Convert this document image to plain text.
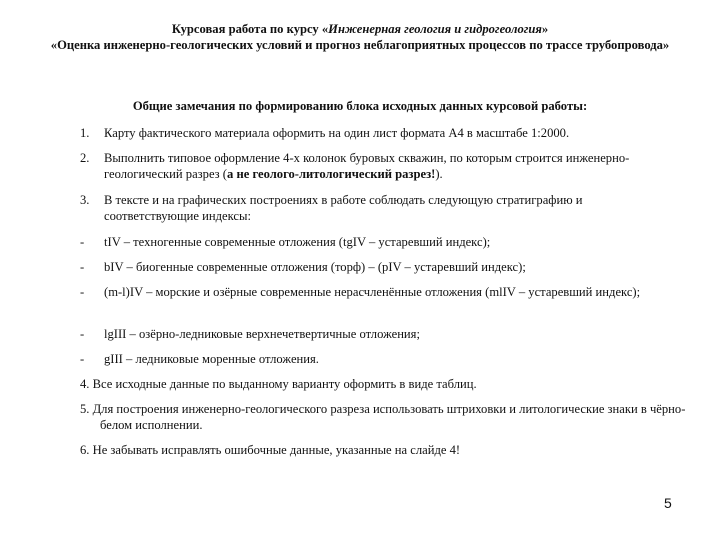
Курсовая работа по курсу «Инженерная геология и гидрогеология»
«Оценка инженерно-геологических условий и прогноз неблагоприятных процессов по трассе трубопровода»
Общие замечания по формированию блока исходных данных курсовой работы:
1. Карту фактического материала оформить на один лист формата А4 в масштабе 1:2000.
2. Выполнить типовое оформление 4-х колонок буровых скважин, по которым строится инженерно-геологический разрез (а не геолого-литологический разрез!).
3. В тексте и на графических построениях в работе соблюдать следующую стратиграфию и соответствующие индексы:
- tIV – техногенные современные отложения (tgIV – устаревший индекс);
- bIV – биогенные современные отложения (торф) – (pIV – устаревший индекс);
- (m-l)IV – морские и озёрные современные нерасчленённые отложения (mlIV – устаревший индекс);
- lgIII – озёрно-ледниковые верхнечетвертичные отложения;
- gIII – ледниковые моренные отложения.
4. Все исходные данные по выданному варианту оформить в виде таблиц.
5. Для построения инженерно-геологического разреза использовать штриховки и литологические знаки в чёрно-белом исполнении.
6. Не забывать исправлять ошибочные данные, указанные на слайде 4!
5
